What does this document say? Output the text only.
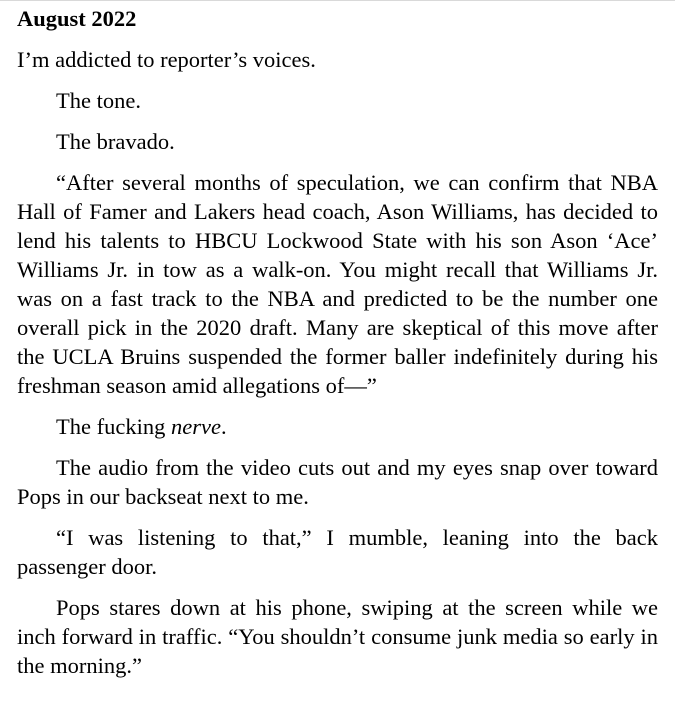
August 2022

I’m addicted to reporter’s voices.

The tone.

The bravado.

“After several months of speculation, we can confirm that NBA Hall of Famer and Lakers head coach, Ason Williams, has decided to lend his talents to HBCU Lockwood State with his son Ason ‘Ace’ Williams Jr. in tow as a walk-on. You might recall that Williams Jr. was on a fast track to the NBA and predicted to be the number one overall pick in the 2020 draft. Many are skeptical of this move after the UCLA Bruins suspended the former baller indefinitely during his freshman season amid allegations of—”

The fucking nerve.

The audio from the video cuts out and my eyes snap over toward Pops in our backseat next to me.

“I was listening to that,” I mumble, leaning into the back passenger door.

Pops stares down at his phone, swiping at the screen while we inch forward in traffic. “You shouldn’t consume junk media so early in the morning.”
